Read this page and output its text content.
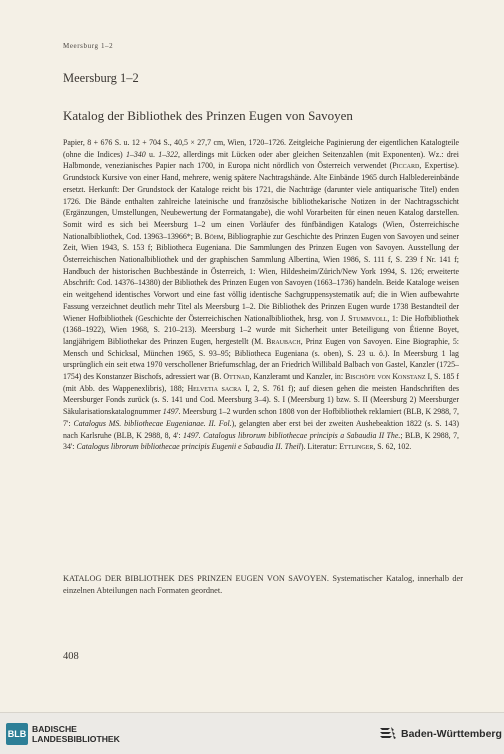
Meersburg 1–2
Meersburg 1–2
Katalog der Bibliothek des Prinzen Eugen von Savoyen
Papier, 8 + 676 S. u. 12 + 704 S., 40,5 × 27,7 cm, Wien, 1720–1726. Zeitgleiche Paginierung der eigentlichen Katalogteile (ohne die Indices) 1–340 u. 1–322, allerdings mit Lücken oder aber gleichen Seitenzahlen (mit Exponenten). Wz.: drei Halbmonde, venezianisches Papier nach 1700, in Europa nicht nördlich von Österreich verwendet (Piccard, Expertise). Grundstock Kursive von einer Hand, mehrere, wenig spätere Nachtragshände. Alte Einbände 1965 durch Halbledereinbände ersetzt. Herkunft: Der Grundstock der Kataloge reicht bis 1721, die Nachträge (darunter viele antiquarische Titel) enden 1726. Die Bände enthalten zahlreiche lateinische und französische bibliothekarische Notizen in der Nachtragsschicht (Ergänzungen, Umstellungen, Neubewertung der Formatangabe), die wohl Vorarbeiten für einen neuen Katalog darstellen. Somit wird es sich bei Meersburg 1–2 um einen Vorläufer des fünfbändigen Katalogs (Wien, Österreichische Nationalbibliothek, Cod. 13963–13966*; B. Böhm, Bibliographie zur Geschichte des Prinzen Eugen von Savoyen und seiner Zeit, Wien 1943, S. 153 f; Bibliotheca Eugeniana. Die Sammlungen des Prinzen Eugen von Savoyen. Ausstellung der Österreichischen Nationalbibliothek und der graphischen Sammlung Albertina, Wien 1986, S. 111 f, S. 239 f Nr. 141 f; Handbuch der historischen Buchbestände in Österreich, 1: Wien, Hildesheim/Zürich/New York 1994, S. 126; erweiterte Abschrift: Cod. 14376–14380) der Bibliothek des Prinzen Eugen von Savoyen (1663–1736) handeln. Beide Kataloge weisen ein weitgehend identisches Vorwort und eine fast völlig identische Sachgruppensystematik auf; die in Wien aufbewahrte Fassung verzeichnet deutlich mehr Titel als Meersburg 1–2. Die Bibliothek des Prinzen Eugen wurde 1738 Bestandteil der Wiener Hofbibliothek (Geschichte der Österreichischen Nationalbibliothek, hrsg. von J. Stummvoll, 1: Die Hofbibliothek (1368–1922), Wien 1968, S. 210–213). Meersburg 1–2 wurde mit Sicherheit unter Beteiligung von Étienne Boyet, langjährigem Bibliothekar des Prinzen Eugen, hergestellt (M. Braubach, Prinz Eugen von Savoyen. Eine Biographie, 5: Mensch und Schicksal, München 1965, S. 93–95; Bibliotheca Eugeniana (s. oben), S. 23 u. ö.). In Meersburg 1 lag ursprünglich ein seit etwa 1970 verschollener Briefumschlag, der an Friedrich Willibald Balbach von Gastel, Kanzler (1725–1754) des Konstanzer Bischofs, adressiert war (B. Ottnad, Kanzleramt und Kanzler, in: Bischöfe von Konstanz I, S. 185 f (mit Abb. des Wappenexlibris), 188; Helvetia sacra I, 2, S. 761 f); auf diesen gehen die meisten Handschriften des Meersburger Fonds zurück (s. S. 141 und Cod. Meersburg 3–4). S. I (Meersburg 1) bzw. S. II (Meersburg 2) Meersburger Säkularisationskatalognummer 1497. Meersburg 1–2 wurden schon 1808 von der Hofbibliothek reklamiert (BLB, K 2988, 7, 7': Catalogus MS. bibliothecae Eugenianae. II. Fol.), gelangten aber erst bei der zweiten Aushebeaktion 1822 (s. S. 143) nach Karlsruhe (BLB, K 2988, 8, 4': 1497. Catalogus librorum bibliothecae principis a Sabaudia II The.; BLB, K 2988, 7, 34': Catalogus librorum bibliothecae principis Eugenii e Sabaudia II. Theil). Literatur: Ettlinger, S. 62, 102.
KATALOG DER BIBLIOTHEK DES PRINZEN EUGEN VON SAVOYEN. Systematischer Katalog, innerhalb der einzelnen Abteilungen nach Formaten geordnet.
408
BLB BADISCHE
LANDESBIBLIOTHEK	Baden-Württemberg
